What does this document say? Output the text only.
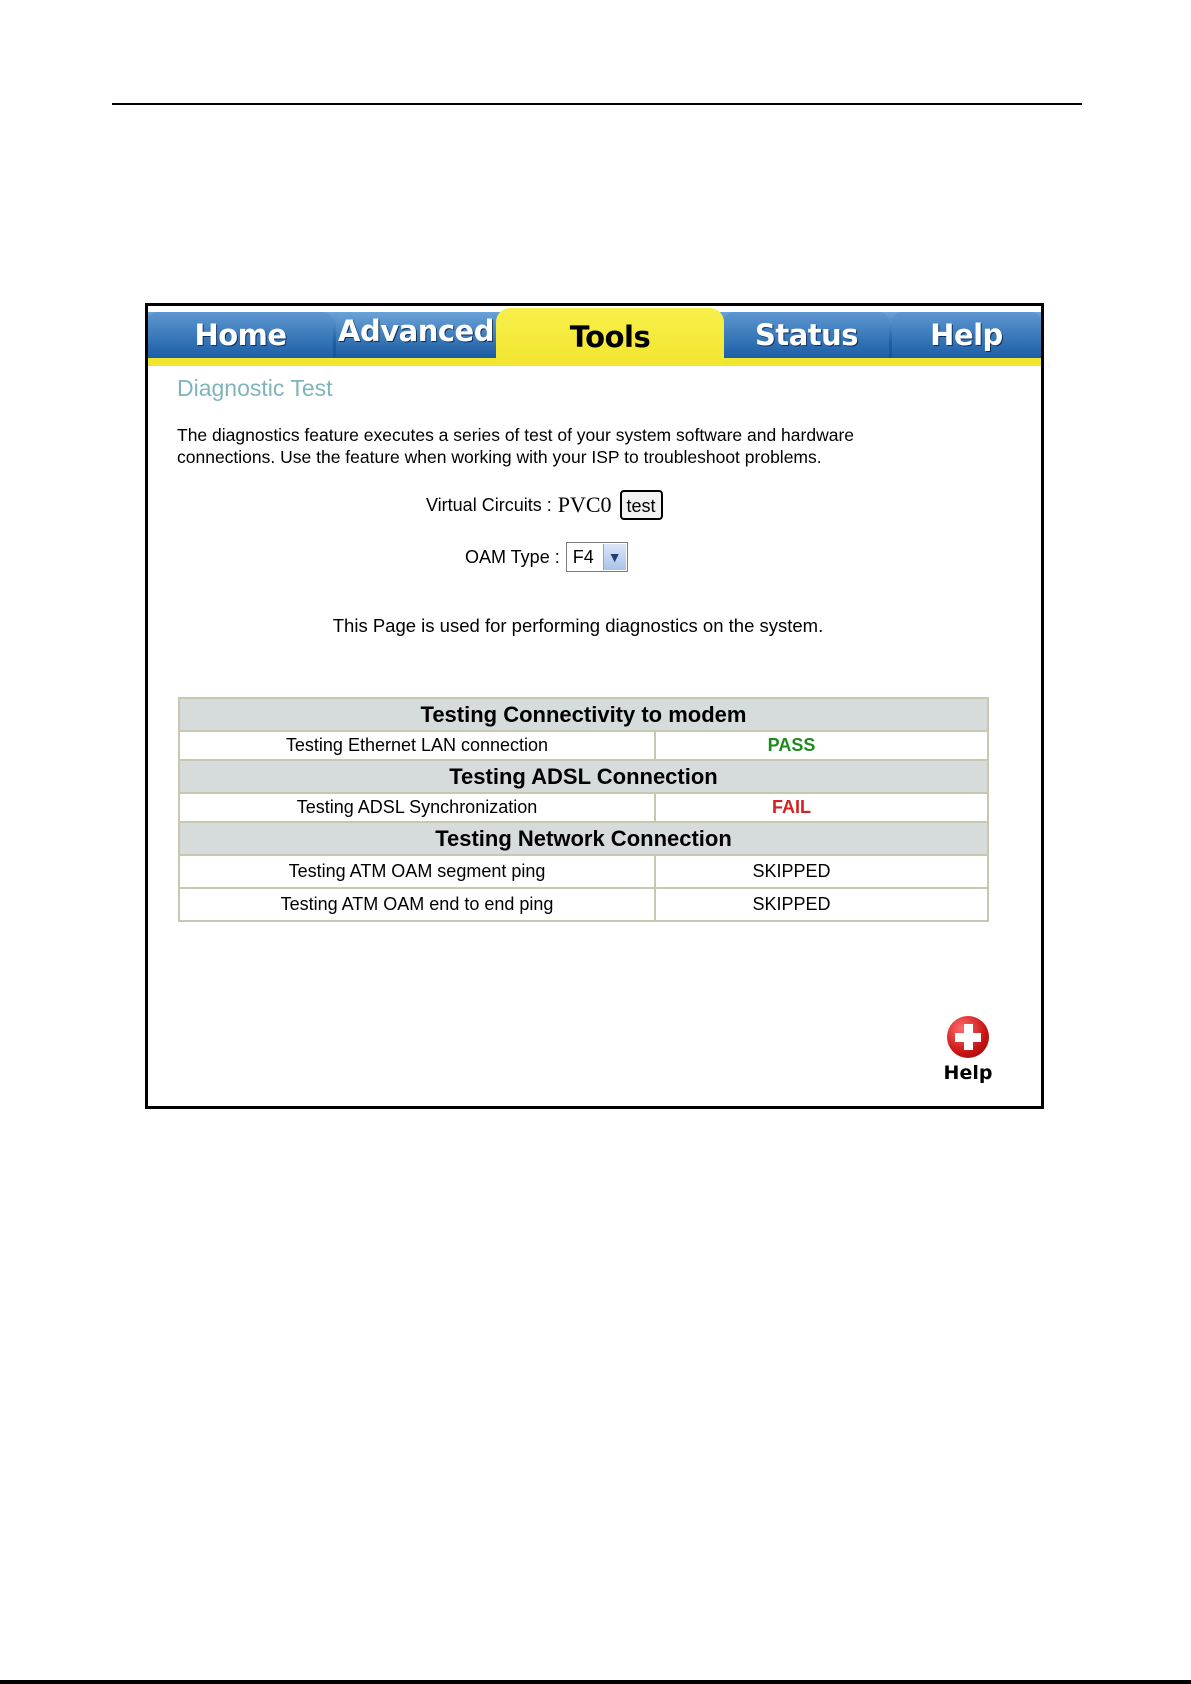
Home	Advanced	Tools	Status	Help
Diagnostic Test
The diagnostics feature executes a series of test of your system software and hardware connections. Use the feature when working with your ISP to troubleshoot problems.
Virtual Circuits : PVC0 test
OAM Type : F4	▼
This Page is used for performing diagnostics on the system.
Testing Connectivity to modem	
Testing Ethernet LAN connection	PASS
Testing ADSL Connection	
Testing ADSL Synchronization	FAIL
Testing Network Connection	
Testing ATM OAM segment ping	SKIPPED
Testing ATM OAM end to end ping	SKIPPED
Help
